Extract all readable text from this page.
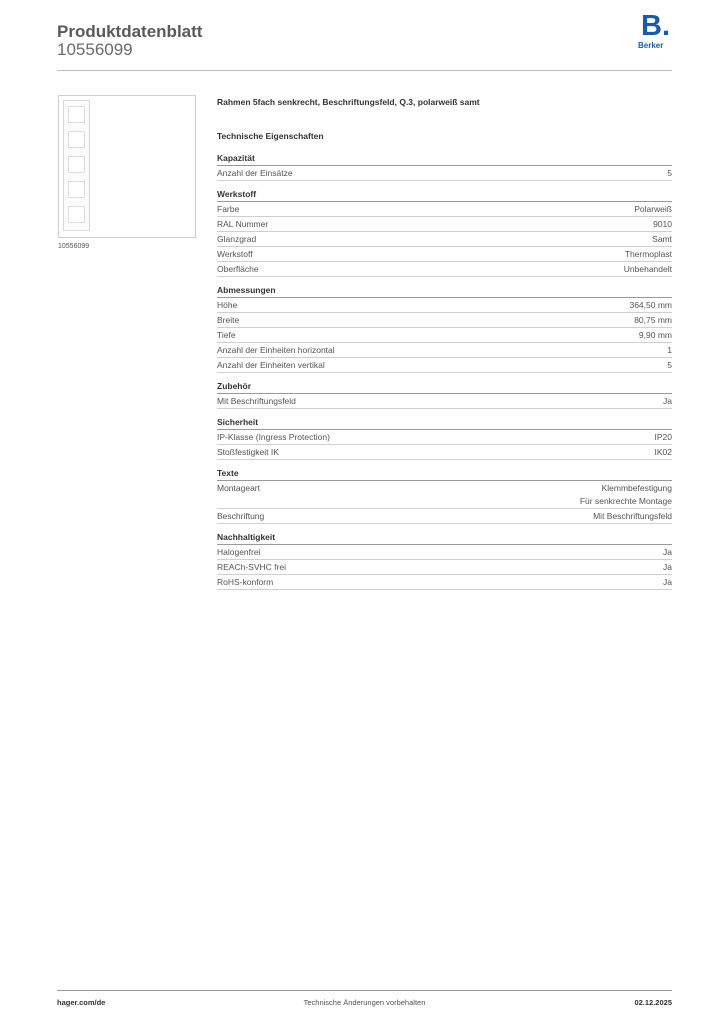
Produktdatenblatt
10556099
B.
Berker
10556099
Rahmen 5fach senkrecht, Beschriftungsfeld, Q.3, polarweiß samt
Technische Eigenschaften
Kapazität
Anzahl der Einsätze	5
Werkstoff
Farbe	Polarweiß
RAL Nummer	9010
Glanzgrad	Samt
Werkstoff	Thermoplast
Oberfläche	Unbehandelt
Abmessungen
Höhe	364,50 mm
Breite	80,75 mm
Tiefe	9,90 mm
Anzahl der Einheiten horizontal	1
Anzahl der Einheiten vertikal	5
Zubehör
Mit Beschriftungsfeld	Ja
Sicherheit
IP-Klasse (Ingress Protection)	IP20
Stoßfestigkeit IK	IK02
Texte
Montageart	Klemmbefestigung
Für senkrechte Montage
Beschriftung	Mit Beschriftungsfeld
Nachhaltigkeit
Halogenfrei	Ja
REACh-SVHC frei	Ja
RoHS-konform	Ja
hager.com/de	Technische Änderungen vorbehalten	02.12.2025
